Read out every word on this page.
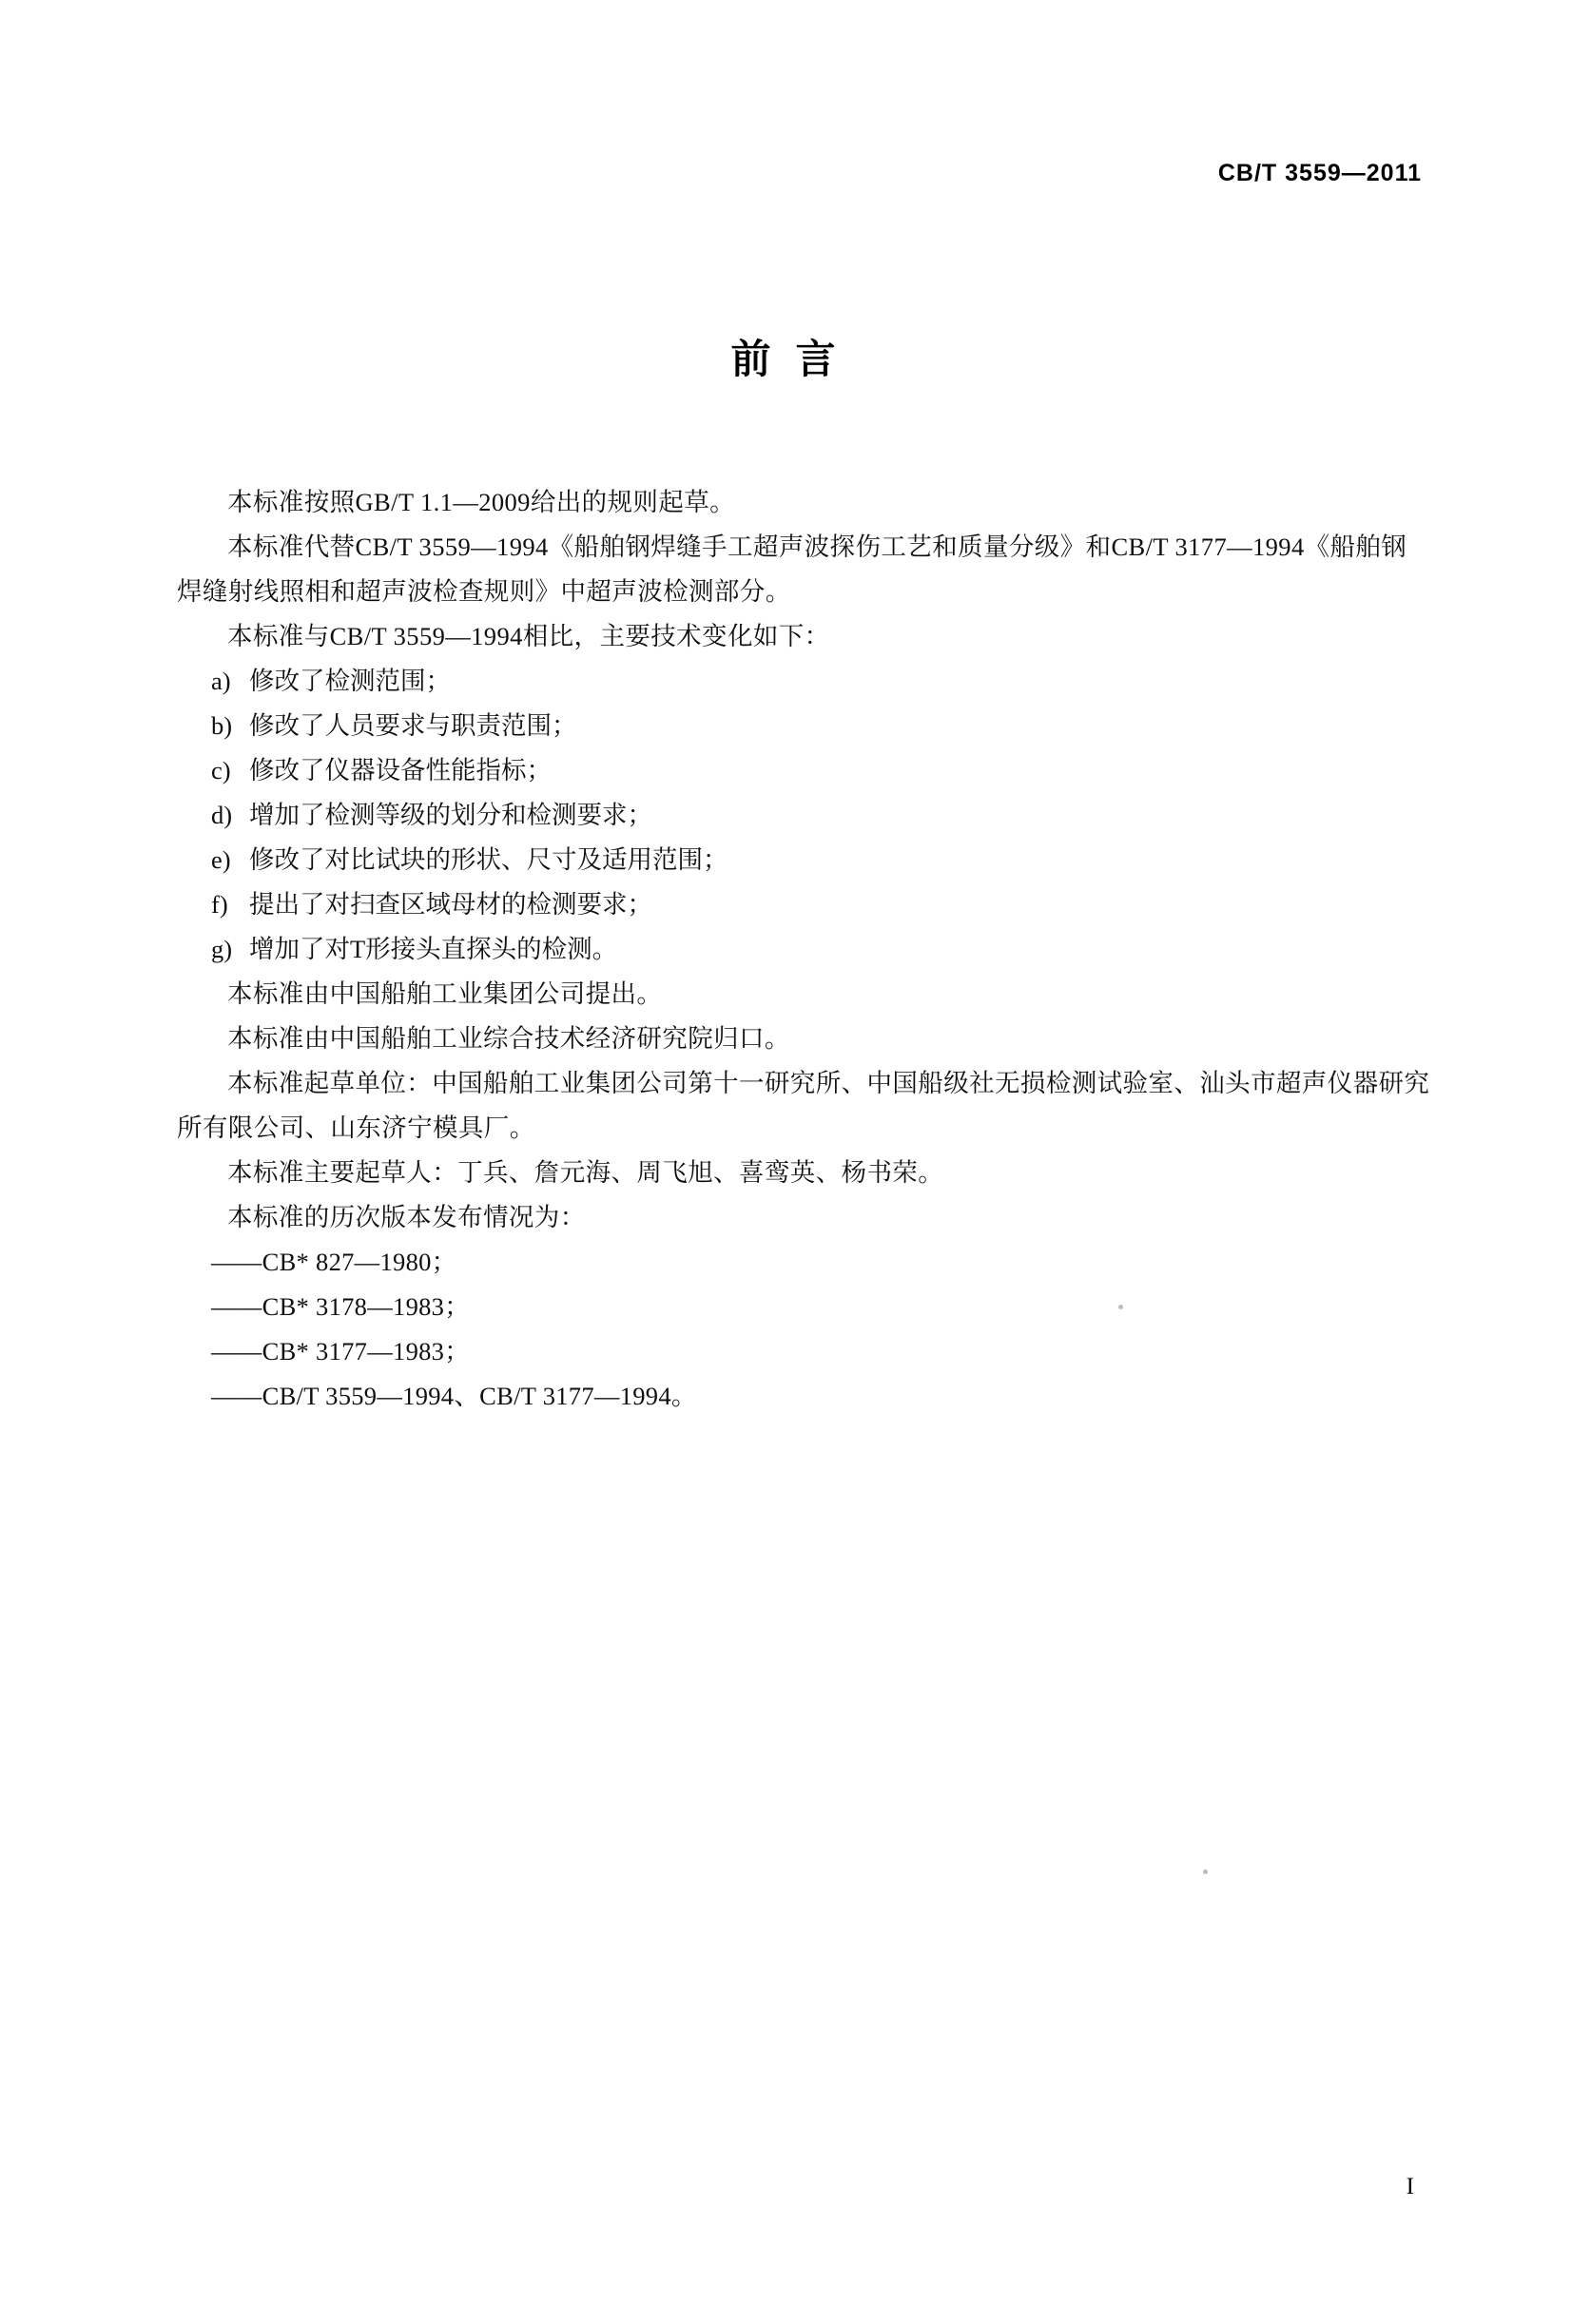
CB/T 3559—2011
前言

本标准按照GB/T 1.1—2009给出的规则起草。

本标准代替CB/T 3559—1994《船舶钢焊缝手工超声波探伤工艺和质量分级》和CB/T 3177—1994《船舶钢焊缝射线照相和超声波检查规则》中超声波检测部分。

本标准与CB/T 3559—1994相比，主要技术变化如下：

a) 修改了检测范围；
b) 修改了人员要求与职责范围；
c) 修改了仪器设备性能指标；
d) 增加了检测等级的划分和检测要求；
e) 修改了对比试块的形状、尺寸及适用范围；
f) 提出了对扫查区域母材的检测要求；
g) 增加了对T形接头直探头的检测。

本标准由中国船舶工业集团公司提出。

本标准由中国船舶工业综合技术经济研究院归口。

本标准起草单位：中国船舶工业集团公司第十一研究所、中国船级社无损检测试验室、汕头市超声仪器研究所有限公司、山东济宁模具厂。

本标准主要起草人：丁兵、詹元海、周飞旭、喜鸾英、杨书荣。

本标准的历次版本发布情况为：

——CB* 827—1980；
——CB* 3178—1983；
——CB* 3177—1983；
——CB/T 3559—1994、CB/T 3177—1994。
I
